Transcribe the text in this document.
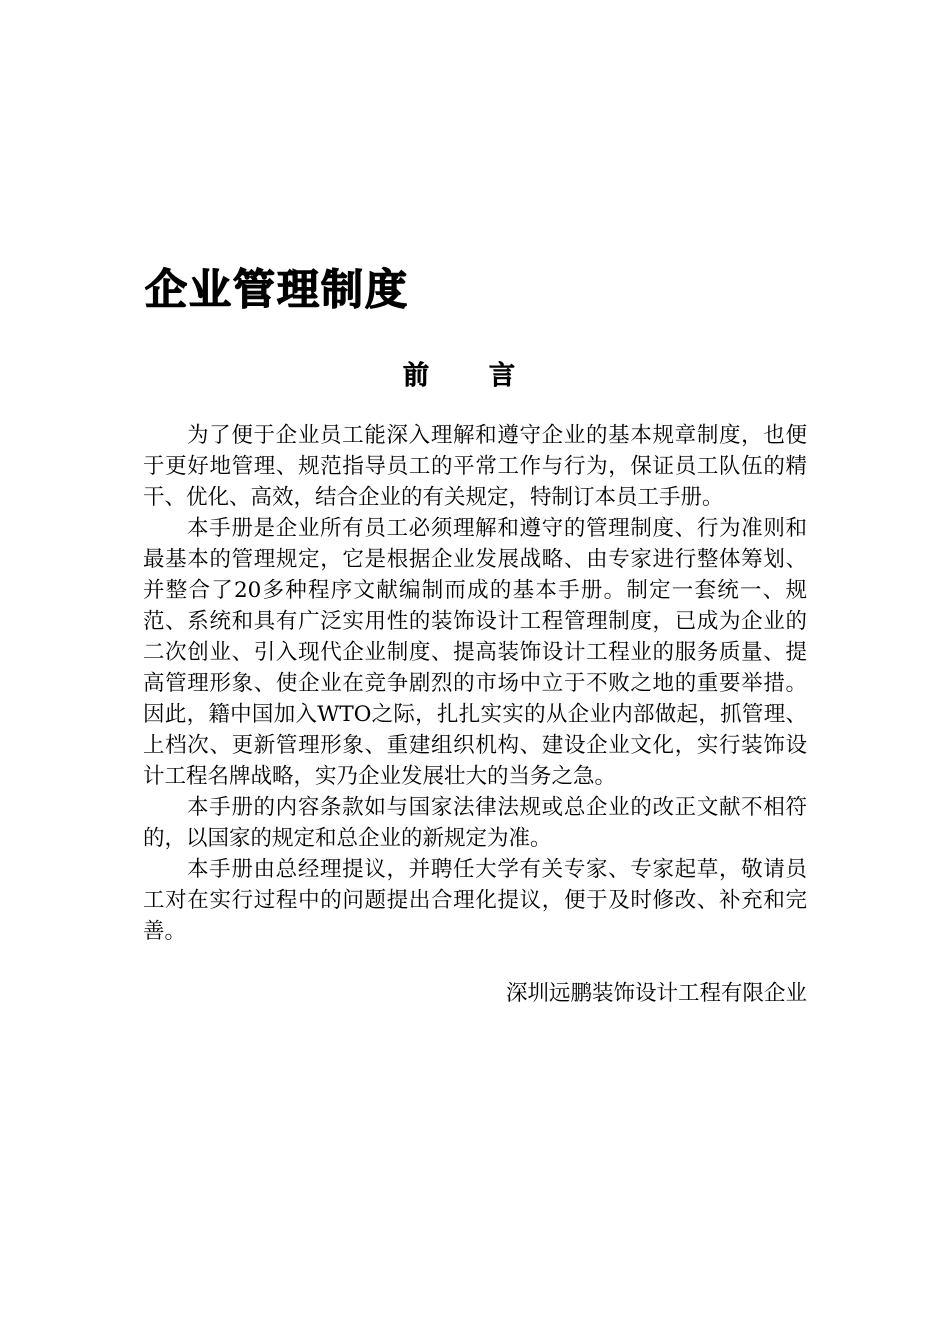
企业管理制度
前 言

为了便于企业员工能深入理解和遵守企业的基本规章制度，也便于更好地管理、规范指导员工的平常工作与行为，保证员工队伍的精干、优化、高效，结合企业的有关规定，特制订本员工手册。

本手册是企业所有员工必须理解和遵守的管理制度、行为准则和最基本的管理规定，它是根据企业发展战略、由专家进行整体筹划、并整合了20多种程序文献编制而成的基本手册。制定一套统一、规范、系统和具有广泛实用性的装饰设计工程管理制度，已成为企业的二次创业、引入现代企业制度、提高装饰设计工程业的服务质量、提高管理形象、使企业在竞争剧烈的市场中立于不败之地的重要举措。因此，籍中国加入WTO之际，扎扎实实的从企业内部做起，抓管理、上档次、更新管理形象、重建组织机构、建设企业文化，实行装饰设计工程名牌战略，实乃企业发展壮大的当务之急。

本手册的内容条款如与国家法律法规或总企业的改正文献不相符的，以国家的规定和总企业的新规定为准。

本手册由总经理提议，并聘任大学有关专家、专家起草，敬请员工对在实行过程中的问题提出合理化提议，便于及时修改、补充和完善。

深圳远鹏装饰设计工程有限企业
